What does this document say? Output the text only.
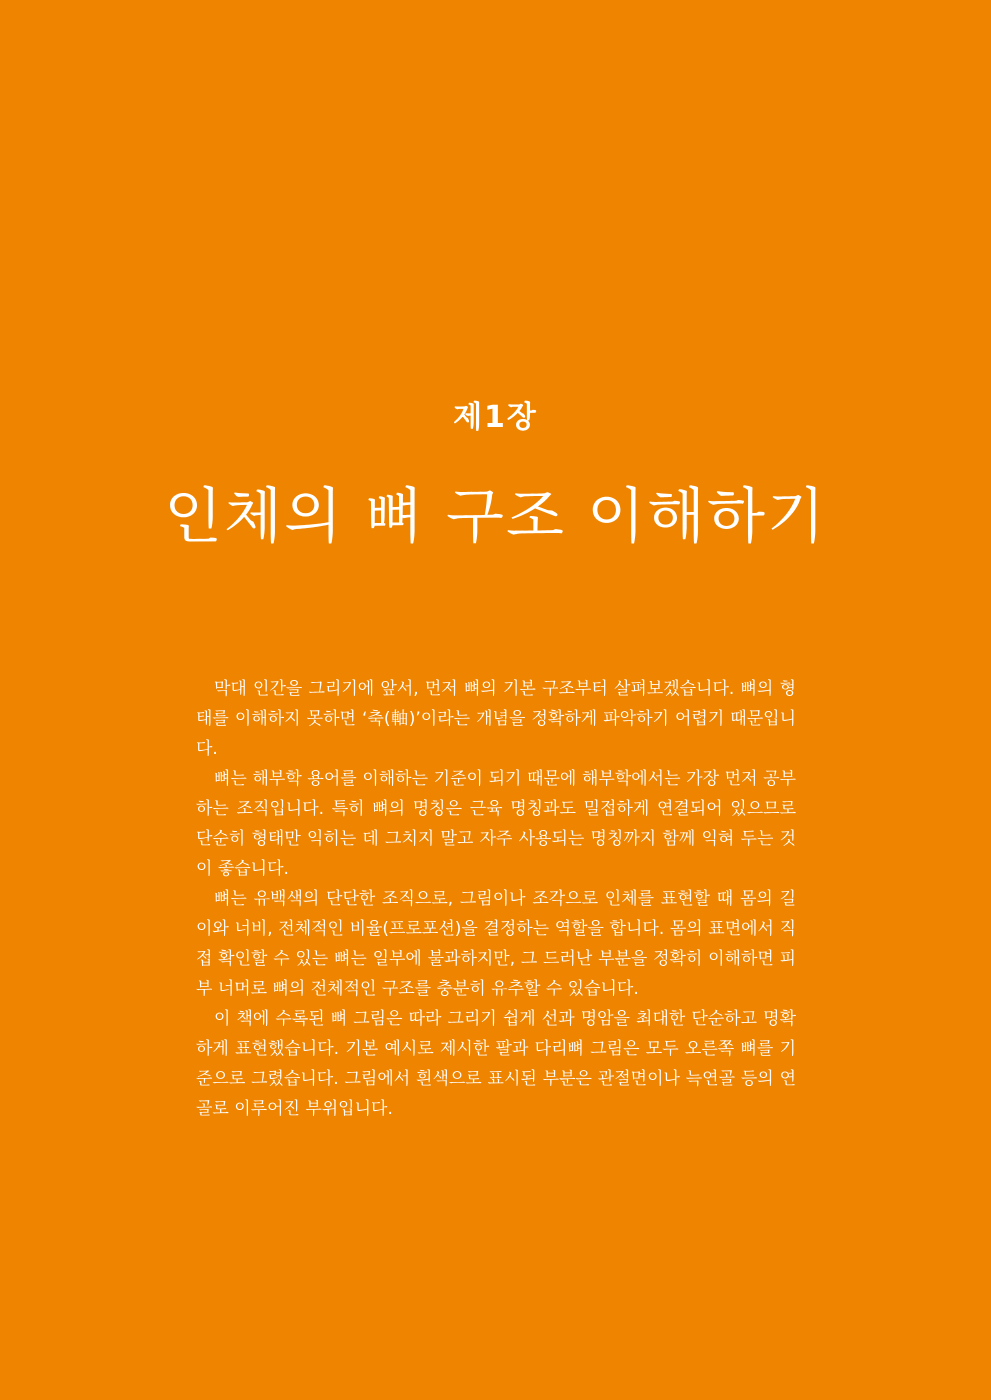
제1장
인체의 뼈 구조 이해하기

막대 인간을 그리기에 앞서, 먼저 뼈의 기본 구조부터 살펴보겠습니다. 뼈의 형태를 이해하지 못하면 ‘축(軸)’이라는 개념을 정확하게 파악하기 어렵기 때문입니다.

뼈는 해부학 용어를 이해하는 기준이 되기 때문에 해부학에서는 가장 먼저 공부하는 조직입니다. 특히 뼈의 명칭은 근육 명칭과도 밀접하게 연결되어 있으므로 단순히 형태만 익히는 데 그치지 말고 자주 사용되는 명칭까지 함께 익혀 두는 것이 좋습니다.

뼈는 유백색의 단단한 조직으로, 그림이나 조각으로 인체를 표현할 때 몸의 길이와 너비, 전체적인 비율(프로포션)을 결정하는 역할을 합니다. 몸의 표면에서 직접 확인할 수 있는 뼈는 일부에 불과하지만, 그 드러난 부분을 정확히 이해하면 피부 너머로 뼈의 전체적인 구조를 충분히 유추할 수 있습니다.

이 책에 수록된 뼈 그림은 따라 그리기 쉽게 선과 명암을 최대한 단순하고 명확하게 표현했습니다. 기본 예시로 제시한 팔과 다리뼈 그림은 모두 오른쪽 뼈를 기준으로 그렸습니다. 그림에서 흰색으로 표시된 부분은 관절면이나 늑연골 등의 연골로 이루어진 부위입니다.
